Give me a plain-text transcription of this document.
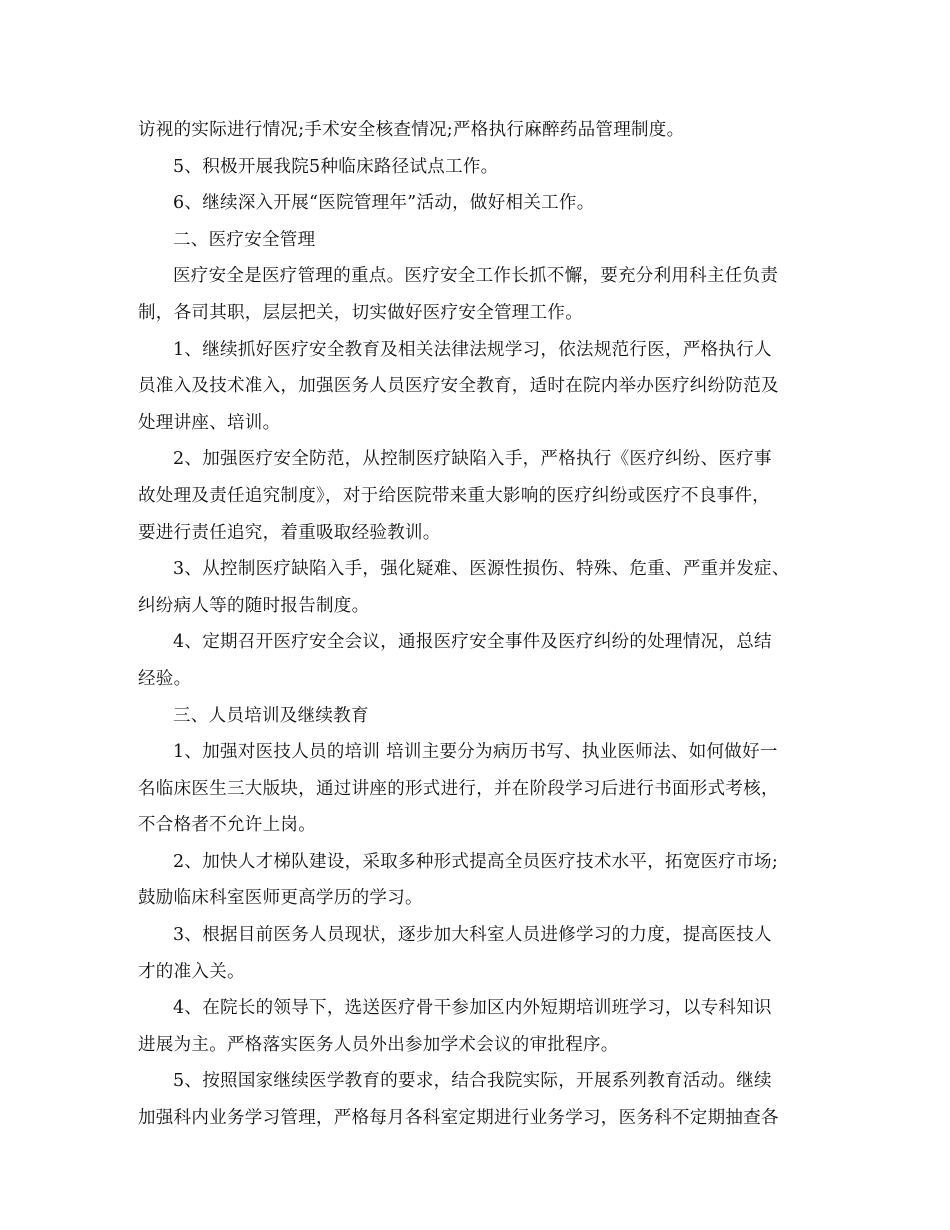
访视的实际进行情况;手术安全核查情况;严格执行麻醉药品管理制度。
5、积极开展我院5种临床路径试点工作。
6、继续深入开展“医院管理年”活动，做好相关工作。
二、医疗安全管理
医疗安全是医疗管理的重点。医疗安全工作长抓不懈，要充分利用科主任负责
制，各司其职，层层把关，切实做好医疗安全管理工作。
1、继续抓好医疗安全教育及相关法律法规学习，依法规范行医，严格执行人
员准入及技术准入，加强医务人员医疗安全教育，适时在院内举办医疗纠纷防范及
处理讲座、培训。
2、加强医疗安全防范，从控制医疗缺陷入手，严格执行《医疗纠纷、医疗事
故处理及责任追究制度》，对于给医院带来重大影响的医疗纠纷或医疗不良事件，
要进行责任追究，着重吸取经验教训。
3、从控制医疗缺陷入手，强化疑难、医源性损伤、特殊、危重、严重并发症、
纠纷病人等的随时报告制度。
4、定期召开医疗安全会议，通报医疗安全事件及医疗纠纷的处理情况，总结
经验。
三、人员培训及继续教育
1、加强对医技人员的培训 培训主要分为病历书写、执业医师法、如何做好一
名临床医生三大版块，通过讲座的形式进行，并在阶段学习后进行书面形式考核，
不合格者不允许上岗。
2、加快人才梯队建设，采取多种形式提高全员医疗技术水平，拓宽医疗市场;
鼓励临床科室医师更高学历的学习。
3、根据目前医务人员现状，逐步加大科室人员进修学习的力度，提高医技人
才的准入关。
4、在院长的领导下，选送医疗骨干参加区内外短期培训班学习，以专科知识
进展为主。严格落实医务人员外出参加学术会议的审批程序。
5、按照国家继续医学教育的要求，结合我院实际，开展系列教育活动。继续
加强科内业务学习管理，严格每月各科室定期进行业务学习，医务科不定期抽查各
